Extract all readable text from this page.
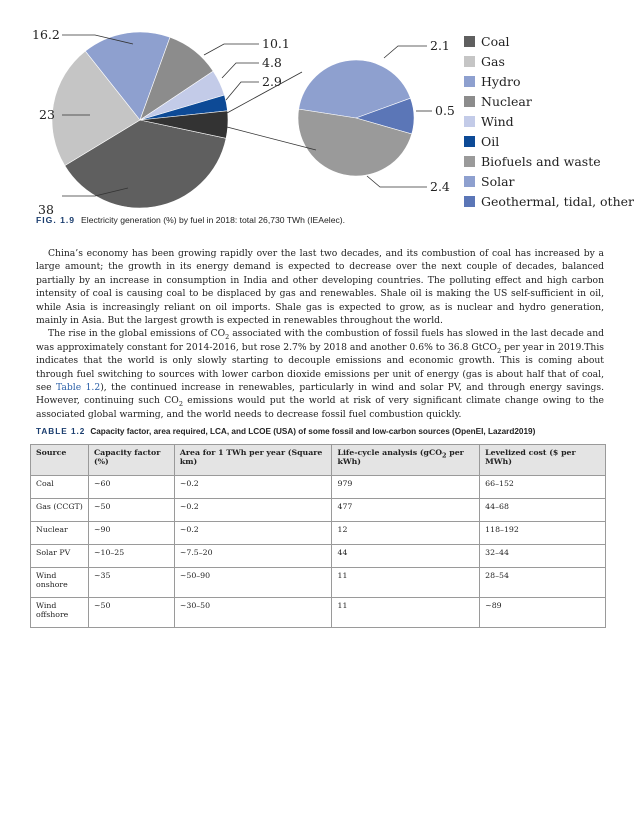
16.2
23
38
10.1
4.8
2.9
2.1
0.5
2.4
Coal
Gas
Hydro
Nuclear
Wind
Oil
Biofuels and waste
Solar
Geothermal, tidal, other
FIG. 1.9 Electricity generation (%) by fuel in 2018: total 26,730 TWh (IEAelec).

China’s economy has been growing rapidly over the last two decades, and its combustion of coal has increased by a large amount; the growth in its energy demand is expected to decrease over the next couple of decades, balanced partially by an increase in consumption in India and other developing countries. The polluting effect and high carbon intensity of coal is causing coal to be displaced by gas and renewables. Shale oil is making the US self-sufficient in oil, while Asia is increasingly reliant on oil imports. Shale gas is expected to grow, as is nuclear and hydro generation, mainly in Asia. But the largest growth is expected in renewables throughout the world.

The rise in the global emissions of $CO_2$ associated with the combustion of fossil fuels has slowed in the last decade and was approximately constant for 2014-2016, but rose 2.7% by 2018 and another 0.6% to 36.8 GtCO$_2$ per year in 2019.This indicates that the world is only slowly starting to decouple emissions and economic growth. This is coming about through fuel switching to sources with lower carbon dioxide emissions per unit of energy (gas is about half that of coal, see Table 1.2), the continued increase in renewables, particularly in wind and solar PV, and through energy savings. However, continuing such $CO_2$ emissions would put the world at risk of very significant climate change owing to the associated global warming, and the world needs to decrease fossil fuel combustion quickly.

TABLE 1.2 Capacity factor, area required, LCA, and LCOE (USA) of some fossil and low-carbon sources (OpenEI, Lazard2019)
Source	Capacity factor (%)	Area for 1 TWh per year (Square km)	Life-cycle analysis (gCO$_2$ per kWh)	Levelized cost ($ per MWh)
Coal	~60	~0.2	979	66–152
Gas (CCGT)	~50	~0.2	477	44–68
Nuclear	~90	~0.2	12	118–192
Solar PV	~10–25	~7.5–20	44	32–44
Wind onshore	~35	~50–90	11	28–54
Wind offshore	~50	~30–50	11	~89
